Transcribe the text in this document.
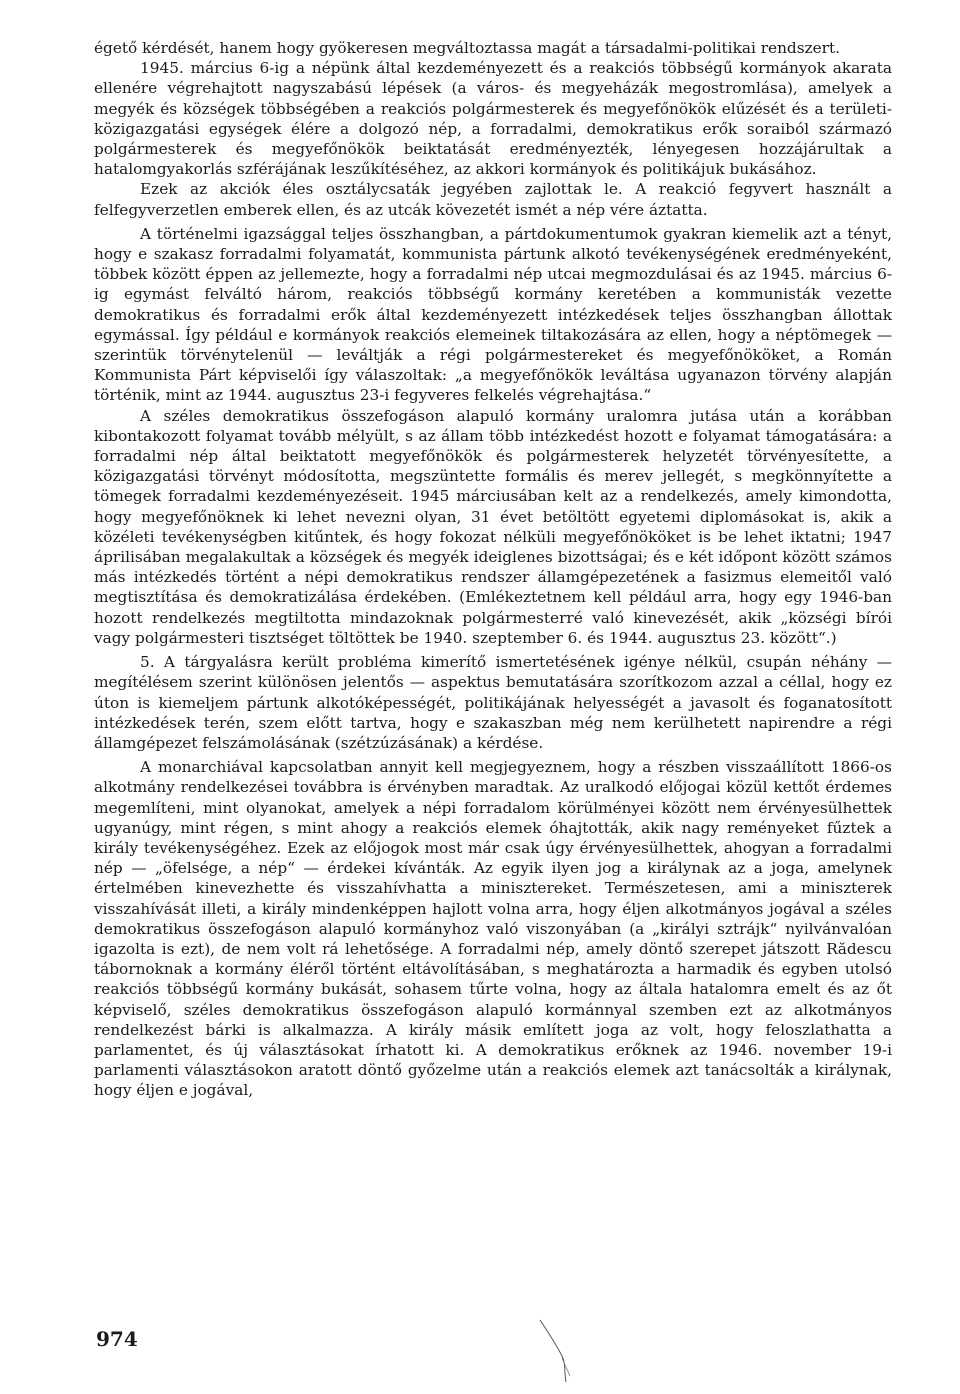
égető kérdését, hanem hogy gyökeresen megváltoztassa magát a társadalmi-politikai rendszert.

1945. március 6-ig a népünk által kezdeményezett és a reakciós többségű kormányok akarata ellenére végrehajtott nagyszabású lépések (a város- és megyeházák megostromlása), amelyek a megyék és községek többségében a reakciós polgármesterek és megyefőnökök elűzését és a területi-közigazgatási egységek élére a dolgozó nép, a forradalmi, demokratikus erők soraiból származó polgármesterek és megyefőnökök beiktatását eredményezték, lényegesen hozzájárultak a hatalomgyakorlás szférájának leszűkítéséhez, az akkori kormányok és politikájuk bukásához.

Ezek az akciók éles osztálycsaták jegyében zajlottak le. A reakció fegyvert használt a felfegyverzetlen emberek ellen, és az utcák kövezetét ismét a nép vére áztatta.

A történelmi igazsággal teljes összhangban, a pártdokumentumok gyakran kiemelik azt a tényt, hogy e szakasz forradalmi folyamatát, kommunista pártunk alkotó tevékenységének eredményeként, többek között éppen az jellemezte, hogy a forradalmi nép utcai megmozdulásai és az 1945. március 6-ig egymást felváltó három, reakciós többségű kormány keretében a kommunisták vezette demokratikus és forradalmi erők által kezdeményezett intézkedések teljes összhangban állottak egymással. Így például e kormányok reakciós elemeinek tiltakozására az ellen, hogy a néptömegek — szerintük törvénytelenül — leváltják a régi polgármestereket és megyefőnököket, a Román Kommunista Párt képviselői így válaszoltak: „a megyefőnökök leváltása ugyanazon törvény alapján történik, mint az 1944. augusztus 23-i fegyveres felkelés végrehajtása.“

A széles demokratikus összefogáson alapuló kormány uralomra jutása után a korábban kibontakozott folyamat tovább mélyült, s az állam több intézkedést hozott e folyamat támogatására: a forradalmi nép által beiktatott megyefőnökök és polgármesterek helyzetét törvényesítette, a közigazgatási törvényt módosította, megszüntette formális és merev jellegét, s megkönnyítette a tömegek forradalmi kezdeményezéseit. 1945 márciusában kelt az a rendelkezés, amely kimondotta, hogy megyefőnöknek ki lehet nevezni olyan, 31 évet betöltött egyetemi diplomásokat is, akik a közéleti tevékenységben kitűntek, és hogy fokozat nélküli megyefőnököket is be lehet iktatni; 1947 áprilisában megalakultak a községek és megyék ideiglenes bizottságai; és e két időpont között számos más intézkedés történt a népi demokratikus rendszer államgépezetének a fasizmus elemeitől való megtisztítása és demokratizálása érdekében. (Emlékeztetnem kell például arra, hogy egy 1946-ban hozott rendelkezés megtiltotta mindazoknak polgármesterré való kinevezését, akik „községi bírói vagy polgármesteri tisztséget töltöttek be 1940. szeptember 6. és 1944. augusztus 23. között“.)

5. A tárgyalásra került probléma kimerítő ismertetésének igénye nélkül, csupán néhány — megítélésem szerint különösen jelentős — aspektus bemutatására szorítkozom azzal a céllal, hogy ez úton is kiemeljem pártunk alkotóképességét, politikájának helyességét a javasolt és foganatosított intézkedések terén, szem előtt tartva, hogy e szakaszban még nem kerülhetett napirendre a régi államgépezet felszámolásának (szétzúzásának) a kérdése.

A monarchiával kapcsolatban annyit kell megjegyeznem, hogy a részben visszaállított 1866-os alkotmány rendelkezései továbbra is érvényben maradtak. Az uralkodó előjogai közül kettőt érdemes megemlíteni, mint olyanokat, amelyek a népi forradalom körülményei között nem érvényesülhettek ugyanúgy, mint régen, s mint ahogy a reakciós elemek óhajtották, akik nagy reményeket fűztek a király tevékenységéhez. Ezek az előjogok most már csak úgy érvényesülhettek, ahogyan a forradalmi nép — „öfelsége, a nép“ — érdekei kívánták. Az egyik ilyen jog a királynak az a joga, amelynek értelmében kinevezhette és visszahívhatta a minisztereket. Természetesen, ami a miniszterek visszahívását illeti, a király mindenképpen hajlott volna arra, hogy éljen alkotmányos jogával a széles demokratikus összefogáson alapuló kormányhoz való viszonyában (a „királyi sztrájk“ nyilvánvalóan igazolta is ezt), de nem volt rá lehetősége. A forradalmi nép, amely döntő szerepet játszott Rădescu tábornoknak a kormány éléről történt eltávolításában, s meghatározta a harmadik és egyben utolsó reakciós többségű kormány bukását, sohasem tűrte volna, hogy az általa hatalomra emelt és az őt képviselő, széles demokratikus összefogáson alapuló kormánnyal szemben ezt az alkotmányos rendelkezést bárki is alkalmazza. A király másik említett joga az volt, hogy feloszlathatta a parlamentet, és új választásokat írhatott ki. A demokratikus erőknek az 1946. november 19-i parlamenti választásokon aratott döntő győzelme után a reakciós elemek azt tanácsolták a királynak, hogy éljen e jogával,

974
